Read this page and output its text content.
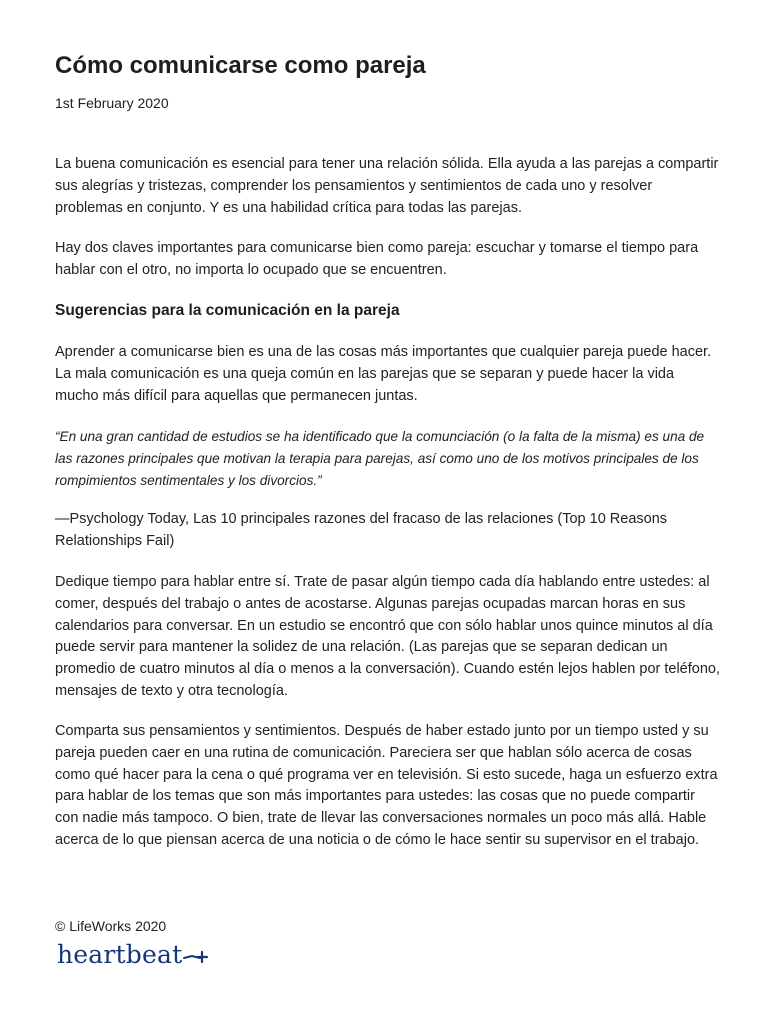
Cómo comunicarse como pareja
1st February 2020

La buena comunicación es esencial para tener una relación sólida. Ella ayuda a las parejas a compartir sus alegrías y tristezas, comprender los pensamientos y sentimientos de cada uno y resolver problemas en conjunto. Y es una habilidad crítica para todas las parejas.

Hay dos claves importantes para comunicarse bien como pareja: escuchar y tomarse el tiempo para hablar con el otro, no importa lo ocupado que se encuentren.

Sugerencias para la comunicación en la pareja

Aprender a comunicarse bien es una de las cosas más importantes que cualquier pareja puede hacer. La mala comunicación es una queja común en las parejas que se separan y puede hacer la vida mucho más difícil para aquellas que permanecen juntas.

“En una gran cantidad de estudios se ha identificado que la comunciación (o la falta de la misma) es una de las razones principales que motivan la terapia para parejas, así como uno de los motivos principales de los rompimientos sentimentales y los divorcios.”

—Psychology Today, Las 10 principales razones del fracaso de las relaciones (Top 10 Reasons Relationships Fail)

Dedique tiempo para hablar entre sí. Trate de pasar algún tiempo cada día hablando entre ustedes: al comer, después del trabajo o antes de acostarse. Algunas parejas ocupadas marcan horas en sus calendarios para conversar. En un estudio se encontró que con sólo hablar unos quince minutos al día puede servir para mantener la solidez de una relación. (Las parejas que se separan dedican un promedio de cuatro minutos al día o menos a la conversación). Cuando estén lejos hablen por teléfono, mensajes de texto y otra tecnología.

Comparta sus pensamientos y sentimientos. Después de haber estado junto por un tiempo usted y su pareja pueden caer en una rutina de comunicación. Pareciera ser que hablan sólo acerca de cosas como qué hacer para la cena o qué programa ver en televisión. Si esto sucede, haga un esfuerzo extra para hablar de los temas que son más importantes para ustedes: las cosas que no puede compartir con nadie más tampoco. O bien, trate de llevar las conversaciones normales un poco más allá. Hable acerca de lo que piensan acerca de una noticia o de cómo le hace sentir su supervisor en el trabajo.

© LifeWorks 2020
heartbeat
